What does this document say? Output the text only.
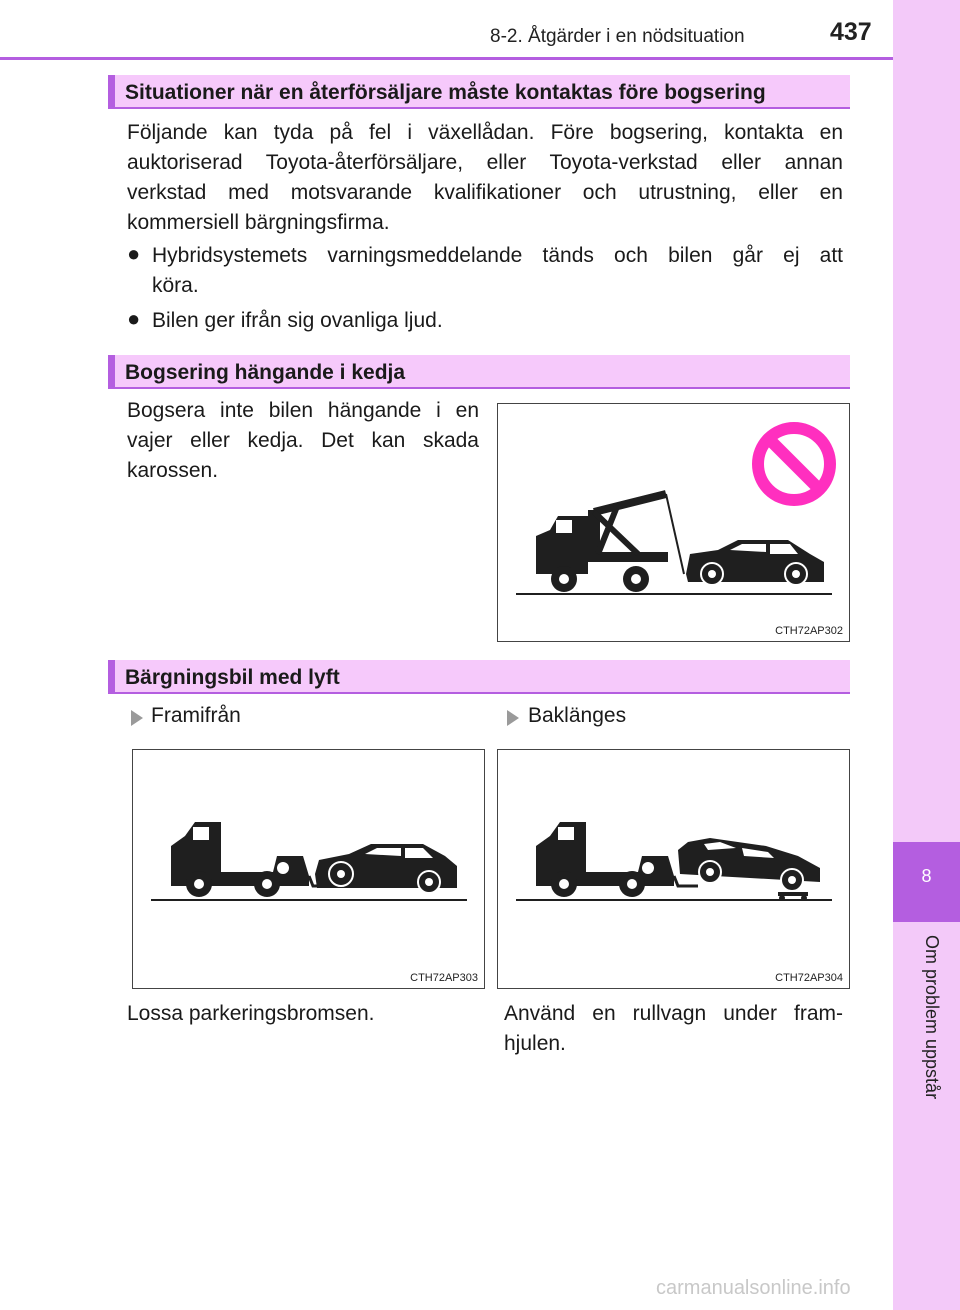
8-2. Åtgärder i en nödsituation	437
8
Om problem uppstår
Situationer när en återförsäljare måste kontaktas före bogsering
Följande kan tyda på fel i växellådan. Före bogsering, kontakta en
auktoriserad Toyota-återförsäljare, eller Toyota-verkstad eller annan
verkstad med motsvarande kvalifikationer och utrustning, eller en
kommersiell bärgningsfirma.
● Hybridsystemets varningsmeddelande tänds och bilen går ej att
köra.
● Bilen ger ifrån sig ovanliga ljud.
Bogsering hängande i kedja
Bogsera inte bilen hängande i en
vajer eller kedja. Det kan skada
karossen.
CTH72AP302
Bärgningsbil med lyft
Framifrån	Baklänges
CTH72AP303	CTH72AP304
Lossa parkeringsbromsen.	Använd en rullvagn under fram-
hjulen.
carmanualsonline.info
